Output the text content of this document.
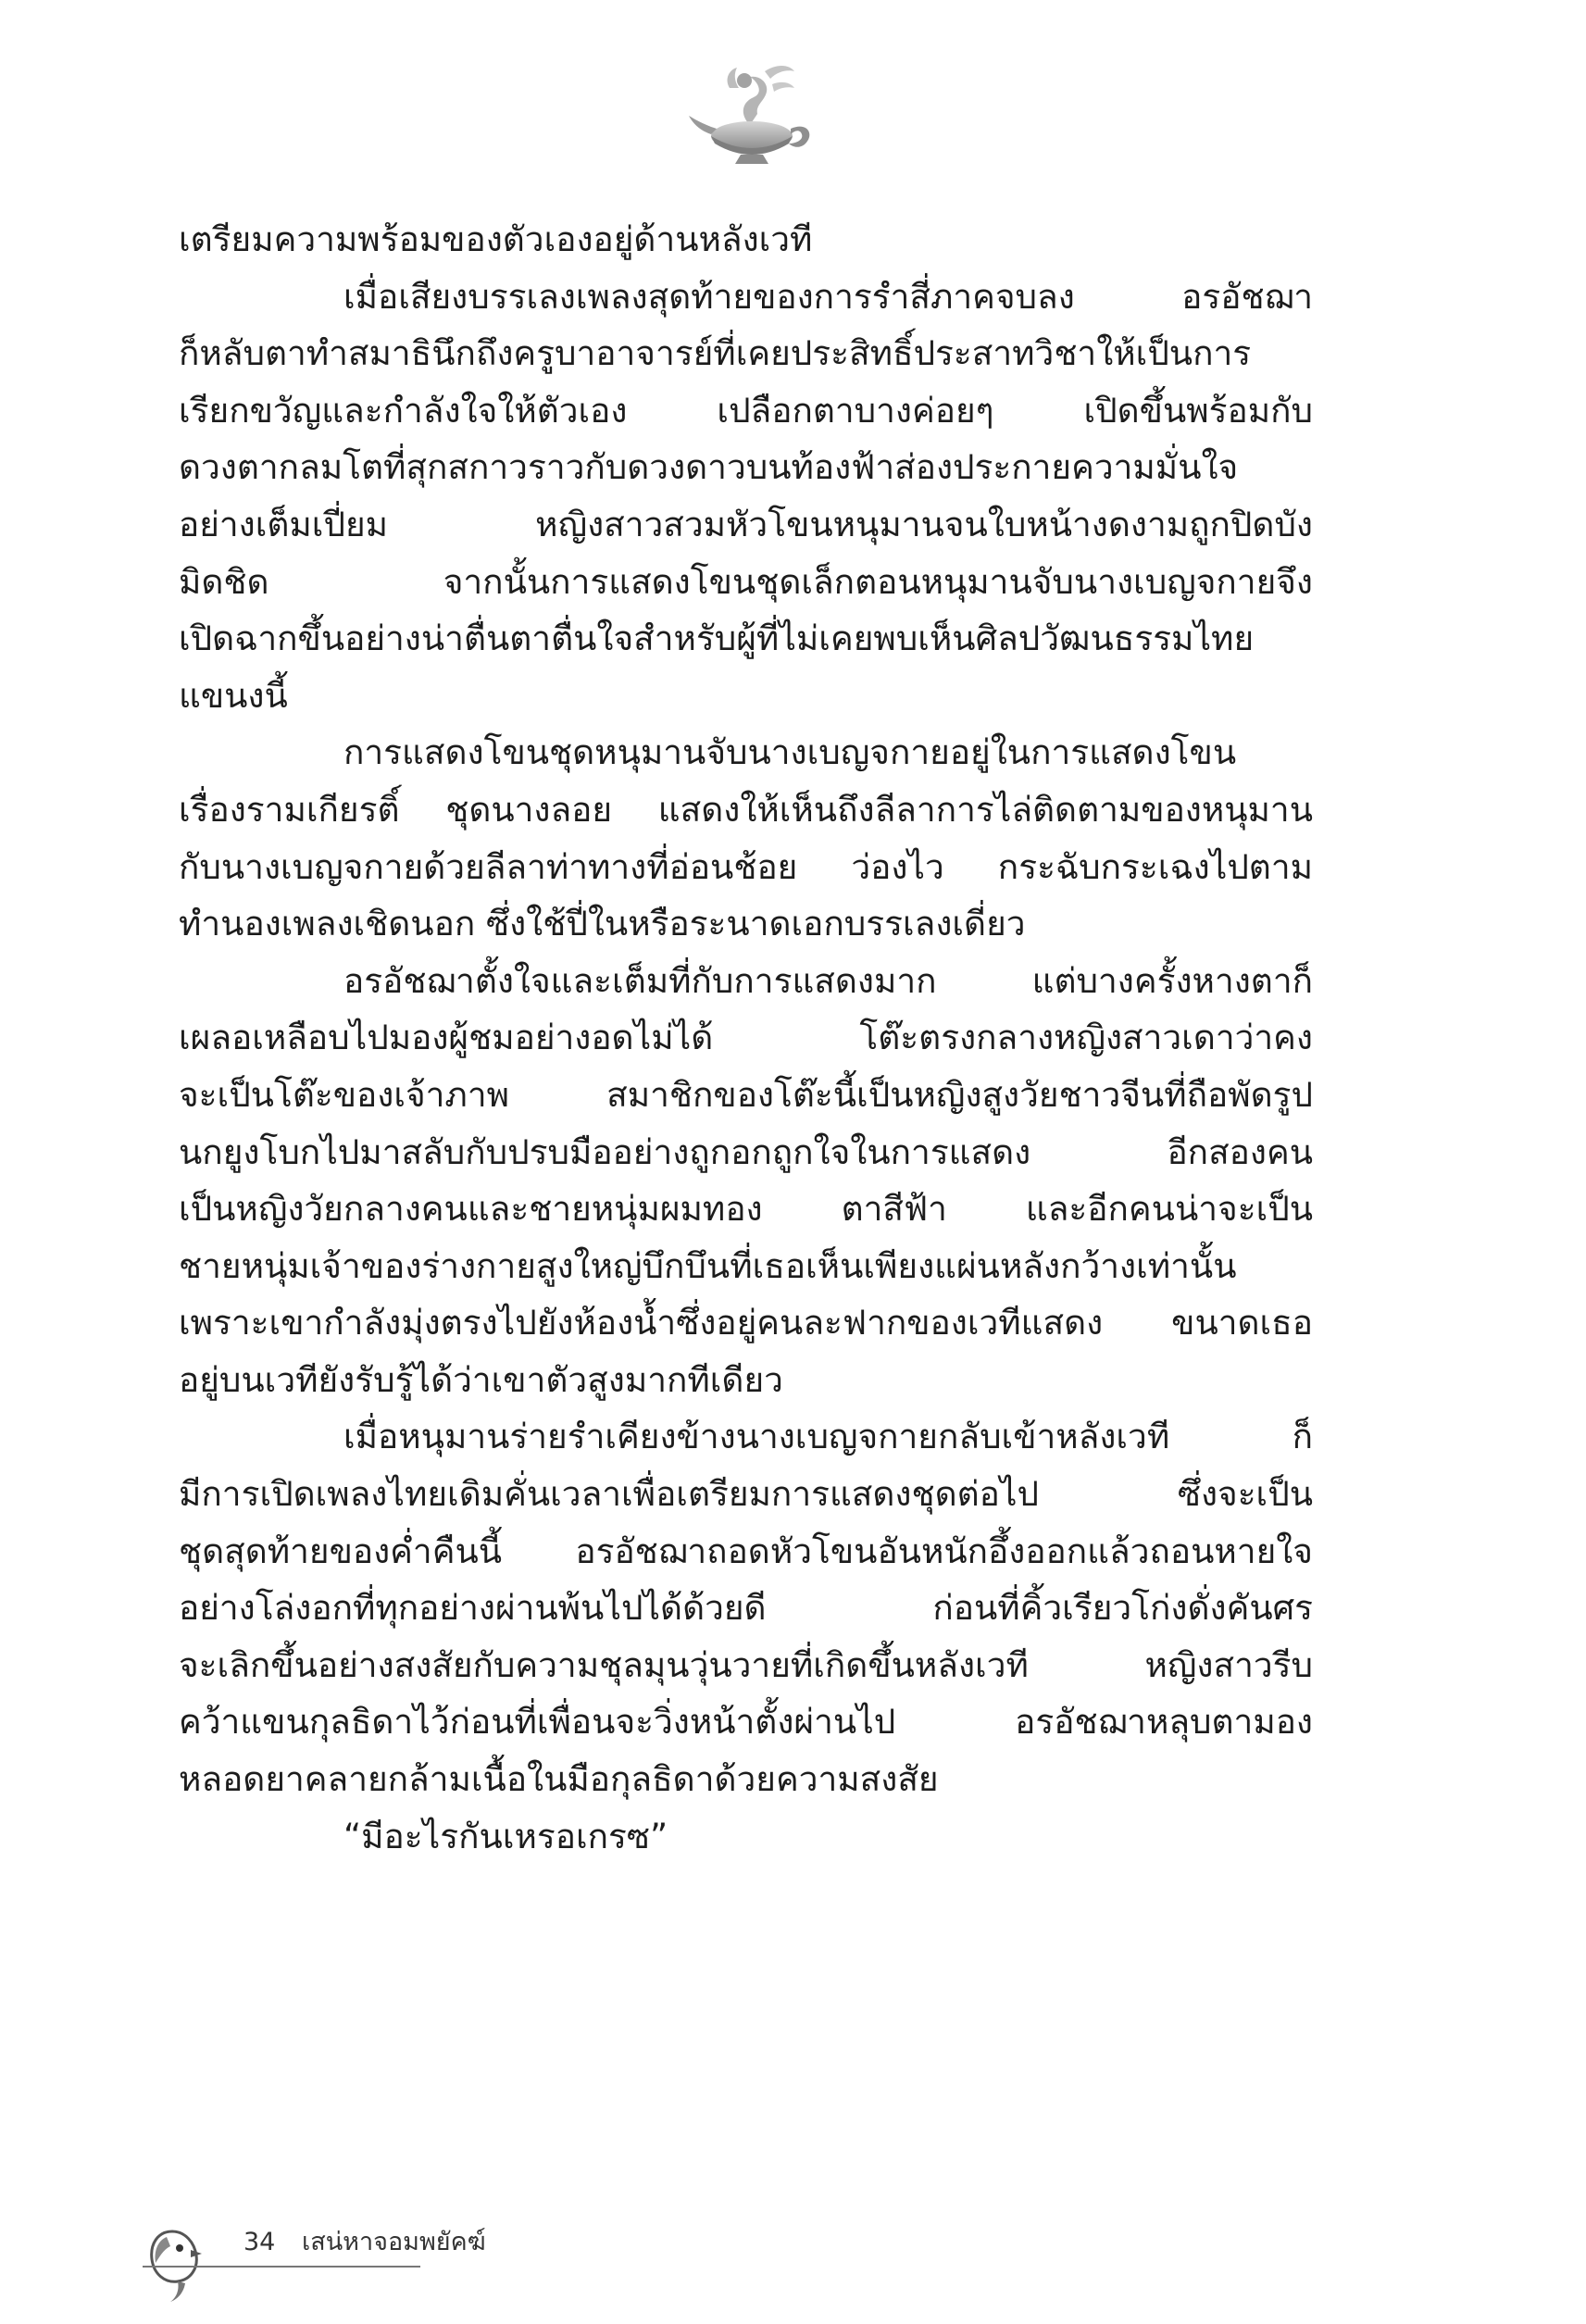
เตรียมความพร้อมของตัวเองอยู่ด้านหลังเวที
เมื่อเสียงบรรเลงเพลงสุดท้ายของการรำสี่ภาคจบลง อรอัชฌา
ก็หลับตาทำสมาธินึกถึงครูบาอาจารย์ที่เคยประสิทธิ์ประสาทวิชาให้เป็นการ
เรียกขวัญและกำลังใจให้ตัวเอง เปลือกตาบางค่อยๆ เปิดขึ้นพร้อมกับ
ดวงตากลมโตที่สุกสกาวราวกับดวงดาวบนท้องฟ้าส่องประกายความมั่นใจ
อย่างเต็มเปี่ยม หญิงสาวสวมหัวโขนหนุมานจนใบหน้างดงามถูกปิดบัง
มิดชิด จากนั้นการแสดงโขนชุดเล็กตอนหนุมานจับนางเบญจกายจึง
เปิดฉากขึ้นอย่างน่าตื่นตาตื่นใจสำหรับผู้ที่ไม่เคยพบเห็นศิลปวัฒนธรรมไทย
แขนงนี้
การแสดงโขนชุดหนุมานจับนางเบญจกายอยู่ในการแสดงโขน
เรื่องรามเกียรติ์ ชุดนางลอย แสดงให้เห็นถึงลีลาการไล่ติดตามของหนุมาน
กับนางเบญจกายด้วยลีลาท่าทางที่อ่อนช้อย ว่องไว กระฉับกระเฉงไปตาม
ทำนองเพลงเชิดนอก ซึ่งใช้ปี่ในหรือระนาดเอกบรรเลงเดี่ยว
อรอัชฌาตั้งใจและเต็มที่กับการแสดงมาก แต่บางครั้งหางตาก็
เผลอเหลือบไปมองผู้ชมอย่างอดไม่ได้ โต๊ะตรงกลางหญิงสาวเดาว่าคง
จะเป็นโต๊ะของเจ้าภาพ สมาชิกของโต๊ะนี้เป็นหญิงสูงวัยชาวจีนที่ถือพัดรูป
นกยูงโบกไปมาสลับกับปรบมืออย่างถูกอกถูกใจในการแสดง อีกสองคน
เป็นหญิงวัยกลางคนและชายหนุ่มผมทอง ตาสีฟ้า และอีกคนน่าจะเป็น
ชายหนุ่มเจ้าของร่างกายสูงใหญ่บึกบึนที่เธอเห็นเพียงแผ่นหลังกว้างเท่านั้น
เพราะเขากำลังมุ่งตรงไปยังห้องน้ำซึ่งอยู่คนละฟากของเวทีแสดง ขนาดเธอ
อยู่บนเวทียังรับรู้ได้ว่าเขาตัวสูงมากทีเดียว
เมื่อหนุมานร่ายรำเคียงข้างนางเบญจกายกลับเข้าหลังเวที ก็
มีการเปิดเพลงไทยเดิมคั่นเวลาเพื่อเตรียมการแสดงชุดต่อไป ซึ่งจะเป็น
ชุดสุดท้ายของค่ำคืนนี้ อรอัชฌาถอดหัวโขนอันหนักอึ้งออกแล้วถอนหายใจ
อย่างโล่งอกที่ทุกอย่างผ่านพ้นไปได้ด้วยดี ก่อนที่คิ้วเรียวโก่งดั่งคันศร
จะเลิกขึ้นอย่างสงสัยกับความชุลมุนวุ่นวายที่เกิดขึ้นหลังเวที หญิงสาวรีบ
คว้าแขนกุลธิดาไว้ก่อนที่เพื่อนจะวิ่งหน้าตั้งผ่านไป อรอัชฌาหลุบตามอง
หลอดยาคลายกล้ามเนื้อในมือกุลธิดาด้วยความสงสัย
“มีอะไรกันเหรอเกรซ”
34 เสน่หาจอมพยัคฆ์
